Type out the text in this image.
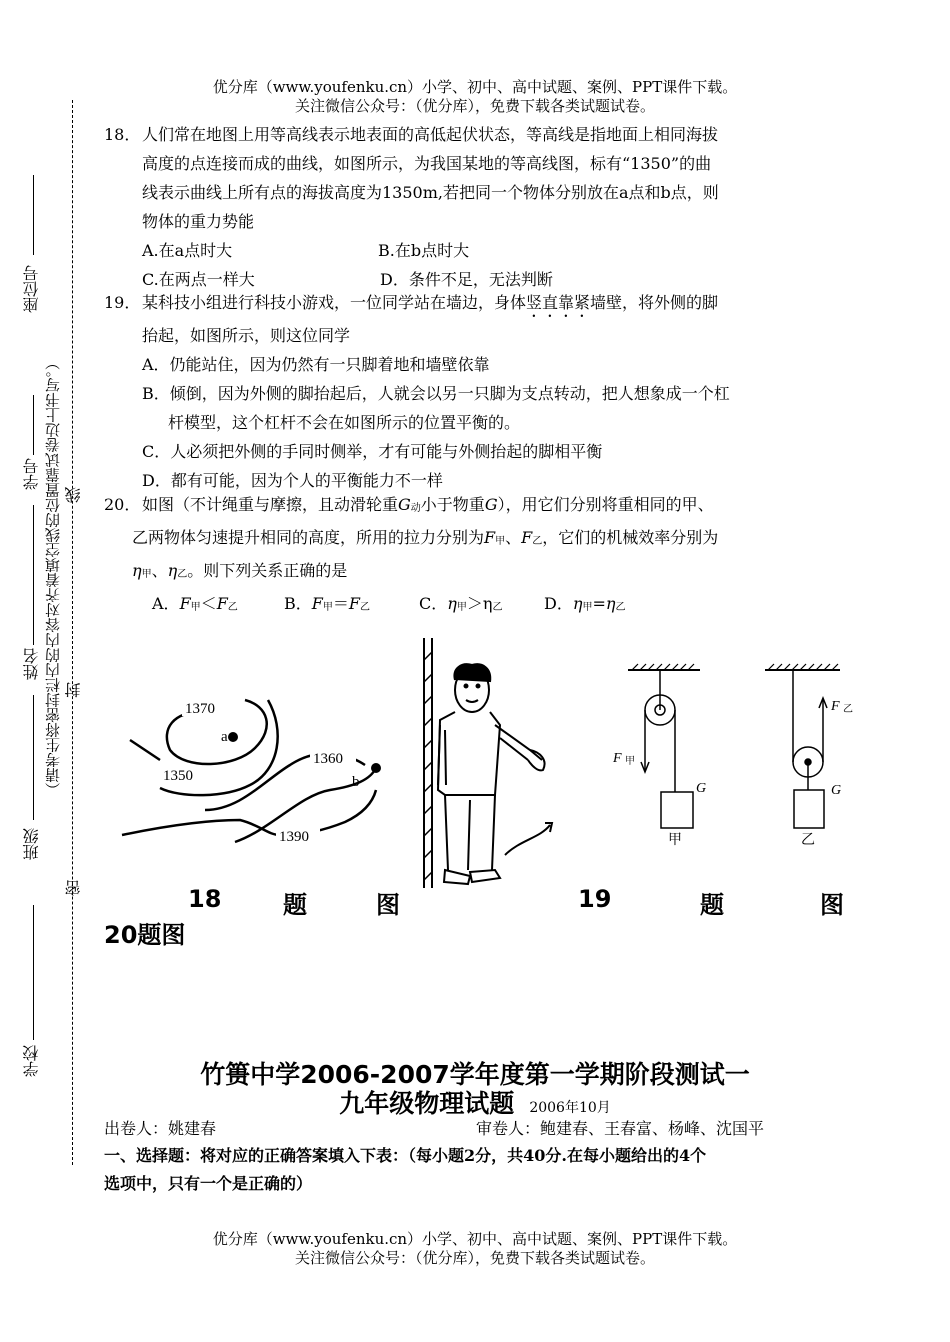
优分库（www.youfenku.cn）小学、初中、高中试题、案例、PPT课件下载。
关注微信公众号：（优分库），免费下载各类试题试卷。
座位号
学号
姓名
班级
学校
（请考生将密封栏内的内容对齐着填空线的位置靠试卷边上书写。） 线
封
密
18． 人们常在地图上用等高线表示地表面的高低起伏状态，等高线是指地面上相同海拔
高度的点连接而成的曲线，如图所示，为我国某地的等高线图，标有“1350”的曲
线表示曲线上所有点的海拔高度为1350m,若把同一个物体分别放在a点和b点，则
物体的重力势能
A.在a点时大	B.在b点时大
C.在两点一样大	D．条件不足，无法判断
19． 某科技小组进行科技小游戏，一位同学站在墙边，身体竖直靠紧墙壁，将外侧的脚
抬起，如图所示，则这位同学
A．仍能站住，因为仍然有一只脚着地和墙壁依靠
B．倾倒，因为外侧的脚抬起后，人就会以另一只脚为支点转动，把人想象成一个杠
杆模型，这个杠杆不会在如图所示的位置平衡的。
C．人必须把外侧的手同时侧举，才有可能与外侧抬起的脚相平衡
D．都有可能，因为个人的平衡能力不一样
20． 如图（不计绳重与摩擦，且动滑轮重G动小于物重G），用它们分别将重相同的甲、
乙两物体匀速提升相同的高度，所用的拉力分别为F甲、F乙，它们的机械效率分别为
η甲、η乙。则下列关系正确的是
A．F甲＜F乙	B．F甲＝F乙	C．η甲＞η乙	D．η甲=η乙
1370
a
1350
1360
b
1390
F 甲
G
甲
F 乙
G
乙
18	题	图	19	题	图
20题图
竹篑中学2006-2007学年度第一学期阶段测试一
九年级物理试题 2006年10月
出卷人：姚建春	审卷人：鲍建春、王春富、杨峰、沈国平
一、选择题：将对应的正确答案填入下表：（每小题2分，共40分.在每小题给出的4个
选项中，只有一个是正确的）
优分库（www.youfenku.cn）小学、初中、高中试题、案例、PPT课件下载。
关注微信公众号：（优分库），免费下载各类试题试卷。
